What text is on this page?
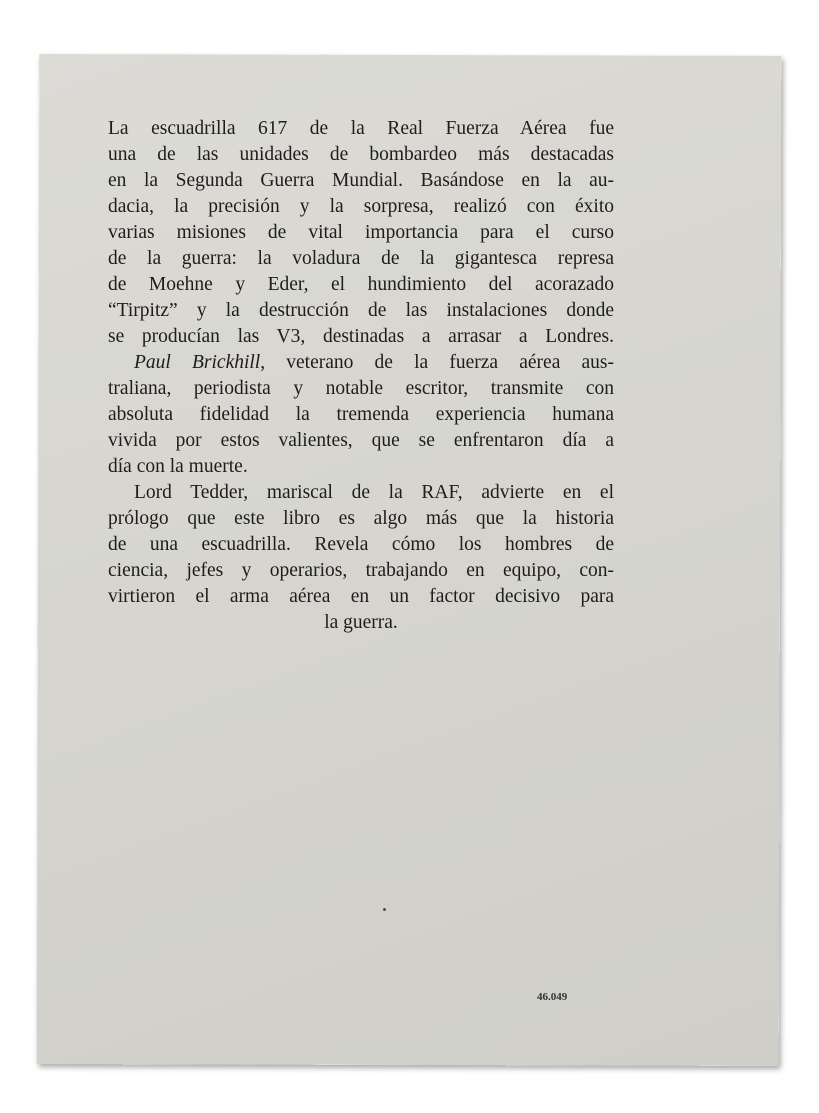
La escuadrilla 617 de la Real Fuerza Aérea fue
una de las unidades de bombardeo más destacadas
en la Segunda Guerra Mundial. Basándose en la au-
dacia, la precisión y la sorpresa, realizó con éxito
varias misiones de vital importancia para el curso
de la guerra: la voladura de la gigantesca represa
de Moehne y Eder, el hundimiento del acorazado
“Tirpitz” y la destrucción de las instalaciones donde
se producían las V3, destinadas a arrasar a Londres.
Paul Brickhill, veterano de la fuerza aérea aus-
traliana, periodista y notable escritor, transmite con
absoluta fidelidad la tremenda experiencia humana
vivida por estos valientes, que se enfrentaron día a
día con la muerte.
Lord Tedder, mariscal de la RAF, advierte en el
prólogo que este libro es algo más que la historia
de una escuadrilla. Revela cómo los hombres de
ciencia, jefes y operarios, trabajando en equipo, con-
virtieron el arma aérea en un factor decisivo para
la guerra.
46.049
